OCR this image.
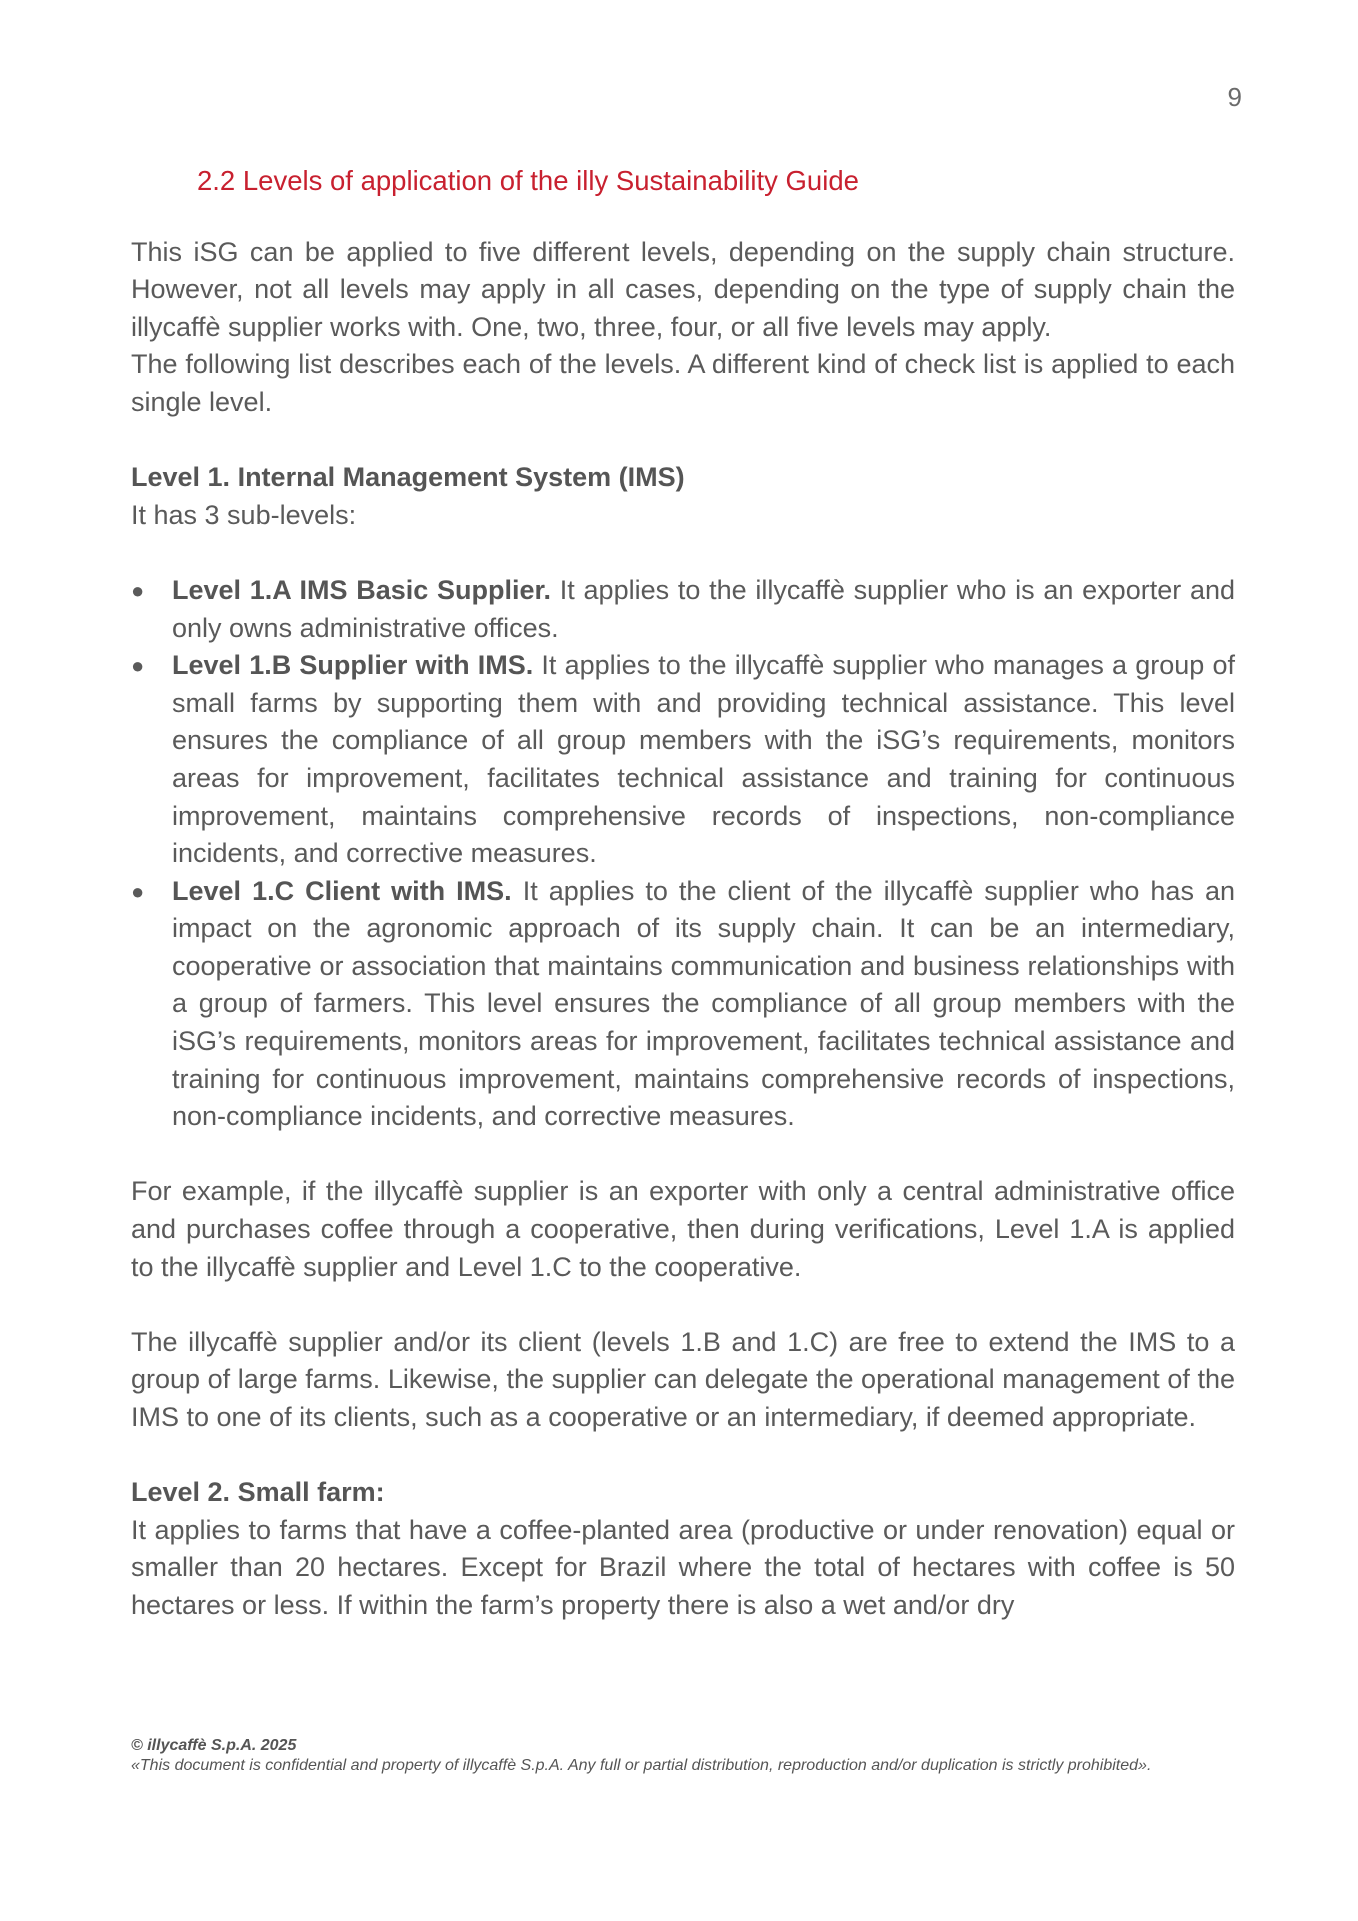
9
2.2 Levels of application of the illy Sustainability Guide

This iSG can be applied to five different levels, depending on the supply chain structure. However, not all levels may apply in all cases, depending on the type of supply chain the illycaffè supplier works with. One, two, three, four, or all five levels may apply.

The following list describes each of the levels. A different kind of check list is applied to each single level.

Level 1. Internal Management System (IMS)

It has 3 sub-levels:

● Level 1.A IMS Basic Supplier. It applies to the illycaffè supplier who is an exporter and only owns administrative offices.
● Level 1.B Supplier with IMS. It applies to the illycaffè supplier who manages a group of small farms by supporting them with and providing technical assistance. This level ensures the compliance of all group members with the iSG’s requirements, monitors areas for improvement, facilitates technical assistance and training for continuous improvement, maintains comprehensive records of inspections, non-compliance incidents, and corrective measures.
● Level 1.C Client with IMS. It applies to the client of the illycaffè supplier who has an impact on the agronomic approach of its supply chain. It can be an intermediary, cooperative or association that maintains communication and business relationships with a group of farmers. This level ensures the compliance of all group members with the iSG’s requirements, monitors areas for improvement, facilitates technical assistance and training for continuous improvement, maintains comprehensive records of inspections, non-compliance incidents, and corrective measures.

For example, if the illycaffè supplier is an exporter with only a central administrative office and purchases coffee through a cooperative, then during verifications, Level 1.A is applied to the illycaffè supplier and Level 1.C to the cooperative.

The illycaffè supplier and/or its client (levels 1.B and 1.C) are free to extend the IMS to a group of large farms. Likewise, the supplier can delegate the operational management of the IMS to one of its clients, such as a cooperative or an intermediary, if deemed appropriate.

Level 2. Small farm:

It applies to farms that have a coffee-planted area (productive or under renovation) equal or smaller than 20 hectares. Except for Brazil where the total of hectares with coffee is 50 hectares or less. If within the farm’s property there is also a wet and/or dry

© illycaffè S.p.A. 2025
«This document is confidential and property of illycaffè S.p.A. Any full or partial distribution, reproduction and/or duplication is strictly prohibited».
